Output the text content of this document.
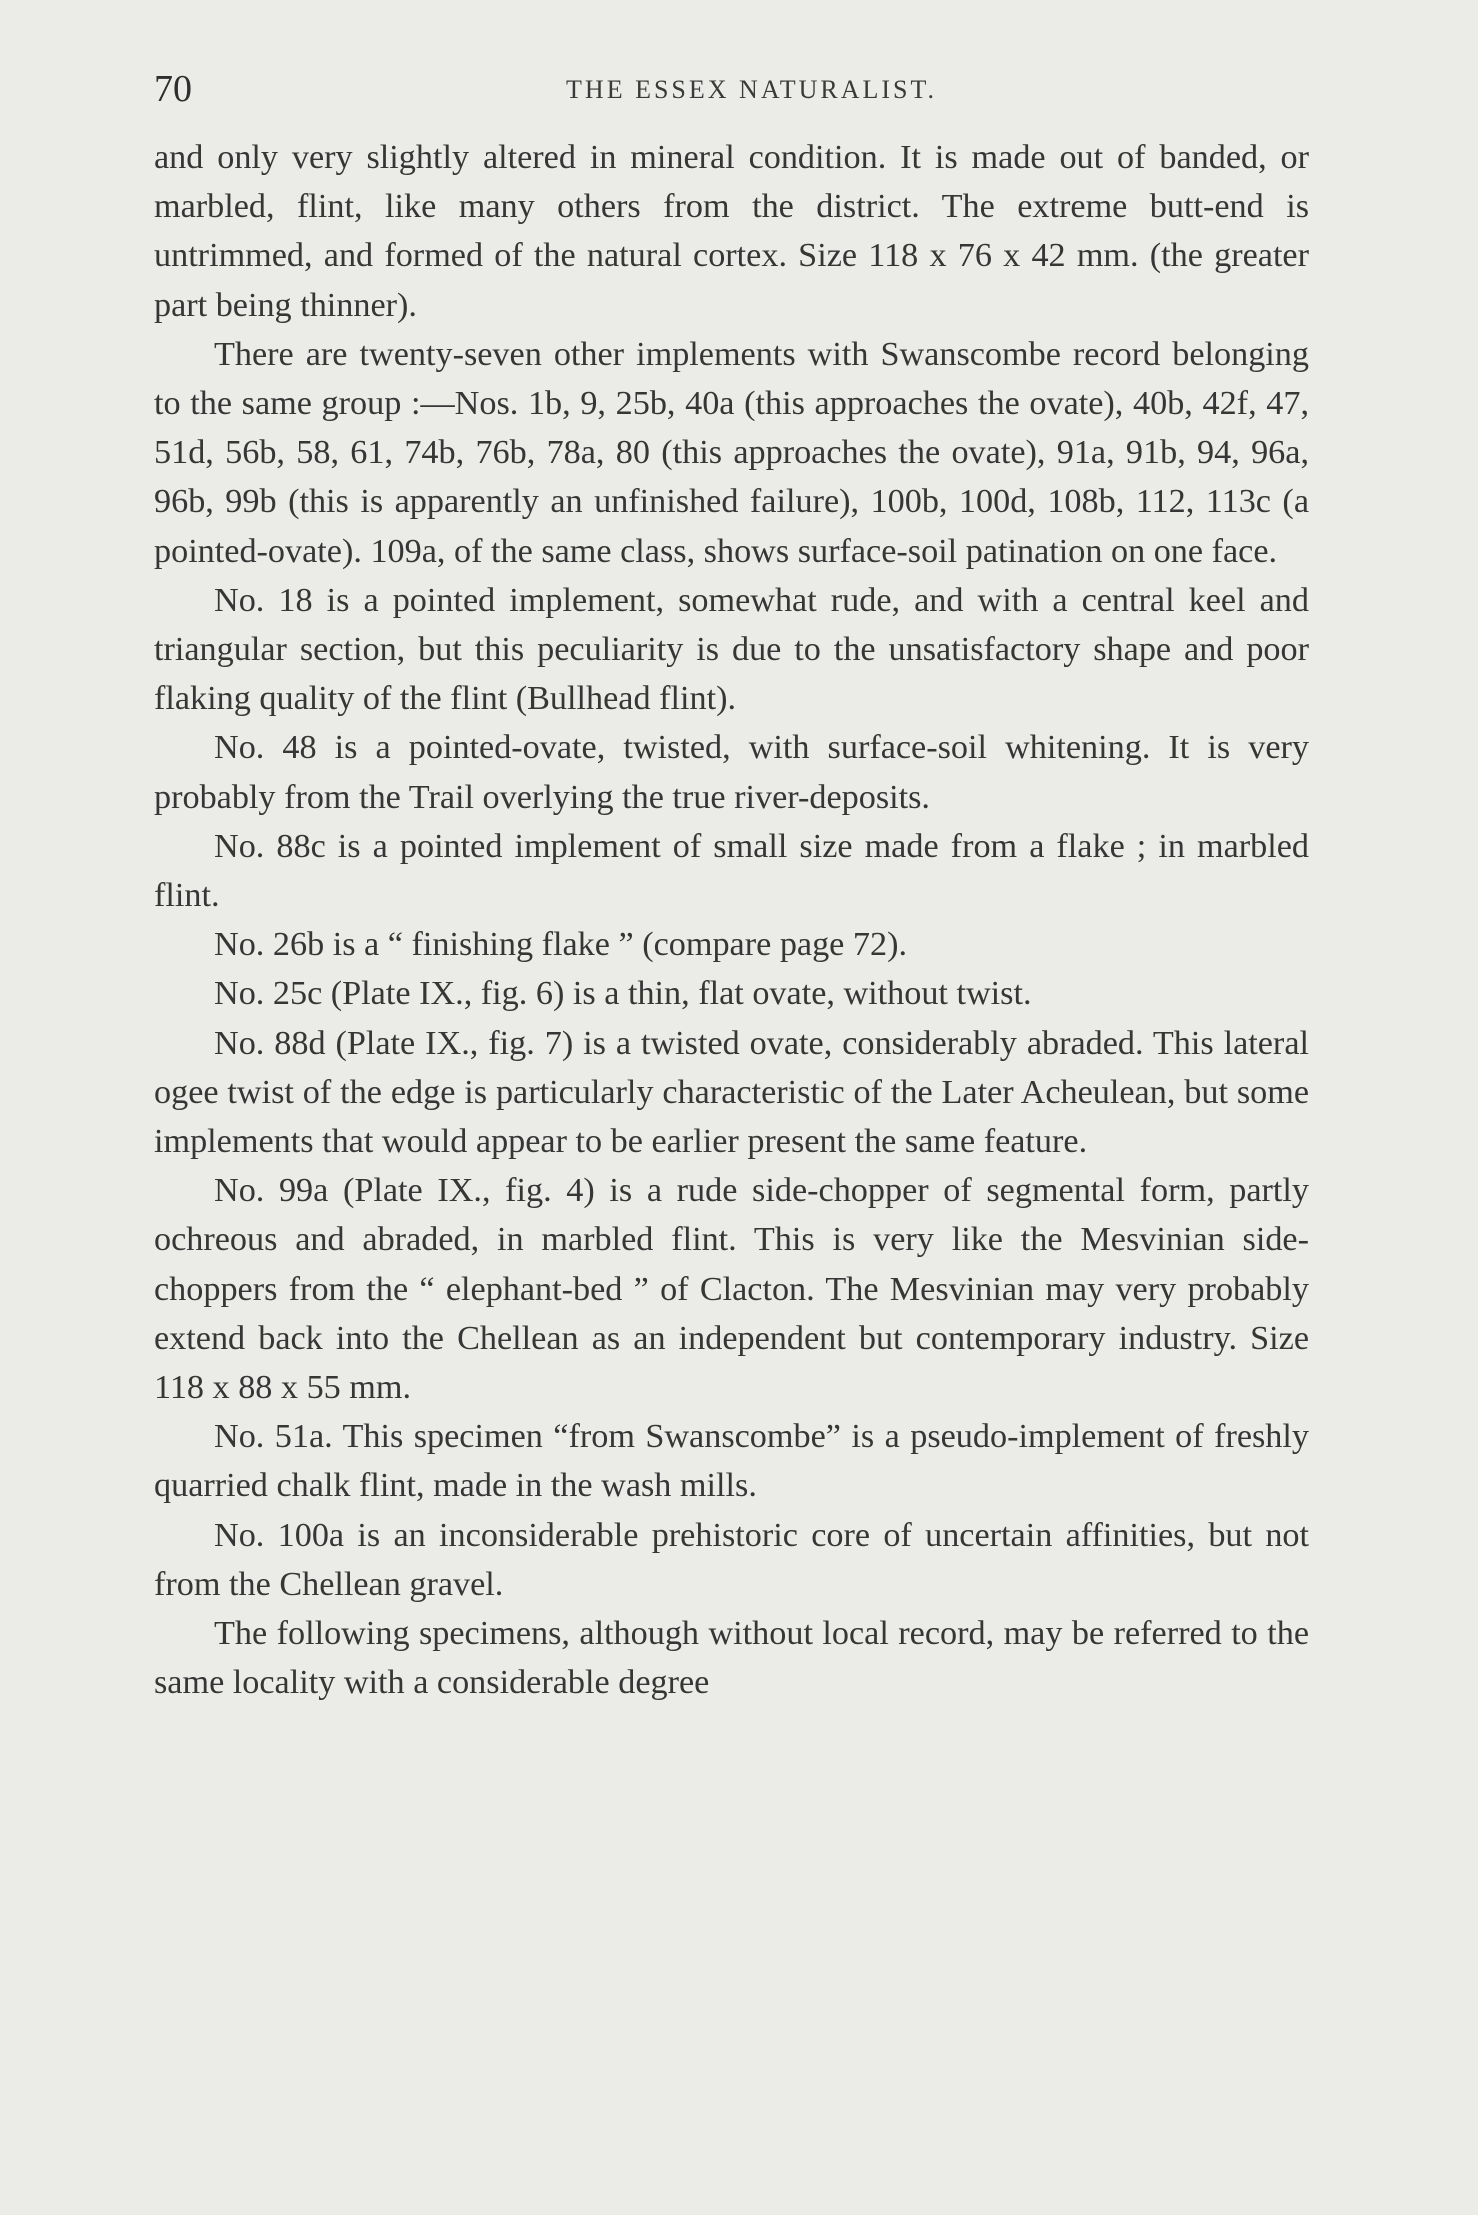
70	THE ESSEX NATURALIST.

and only very slightly altered in mineral condition. It is made out of banded, or marbled, flint, like many others from the district. The extreme butt-end is untrimmed, and formed of the natural cortex. Size 118 x 76 x 42 mm. (the greater part being thinner).

There are twenty-seven other implements with Swanscombe record belonging to the same group :—Nos. 1b, 9, 25b, 40a (this approaches the ovate), 40b, 42f, 47, 51d, 56b, 58, 61, 74b, 76b, 78a, 80 (this approaches the ovate), 91a, 91b, 94, 96a, 96b, 99b (this is apparently an unfinished failure), 100b, 100d, 108b, 112, 113c (a pointed-ovate). 109a, of the same class, shows surface-soil patination on one face.

No. 18 is a pointed implement, somewhat rude, and with a central keel and triangular section, but this peculiarity is due to the unsatisfactory shape and poor flaking quality of the flint (Bullhead flint).

No. 48 is a pointed-ovate, twisted, with surface-soil whitening. It is very probably from the Trail overlying the true river-deposits.

No. 88c is a pointed implement of small size made from a flake ; in marbled flint.

No. 26b is a “ finishing flake ” (compare page 72).

No. 25c (Plate IX., fig. 6) is a thin, flat ovate, without twist.

No. 88d (Plate IX., fig. 7) is a twisted ovate, considerably abraded. This lateral ogee twist of the edge is particularly characteristic of the Later Acheulean, but some implements that would appear to be earlier present the same feature.

No. 99a (Plate IX., fig. 4) is a rude side-chopper of segmental form, partly ochreous and abraded, in marbled flint. This is very like the Mesvinian side-choppers from the “ elephant-bed ” of Clacton. The Mesvinian may very probably extend back into the Chellean as an independent but contemporary industry. Size 118 x 88 x 55 mm.

No. 51a. This specimen “from Swanscombe” is a pseudo-implement of freshly quarried chalk flint, made in the wash mills.

No. 100a is an inconsiderable prehistoric core of uncertain affinities, but not from the Chellean gravel.

The following specimens, although without local record, may be referred to the same locality with a considerable degree
